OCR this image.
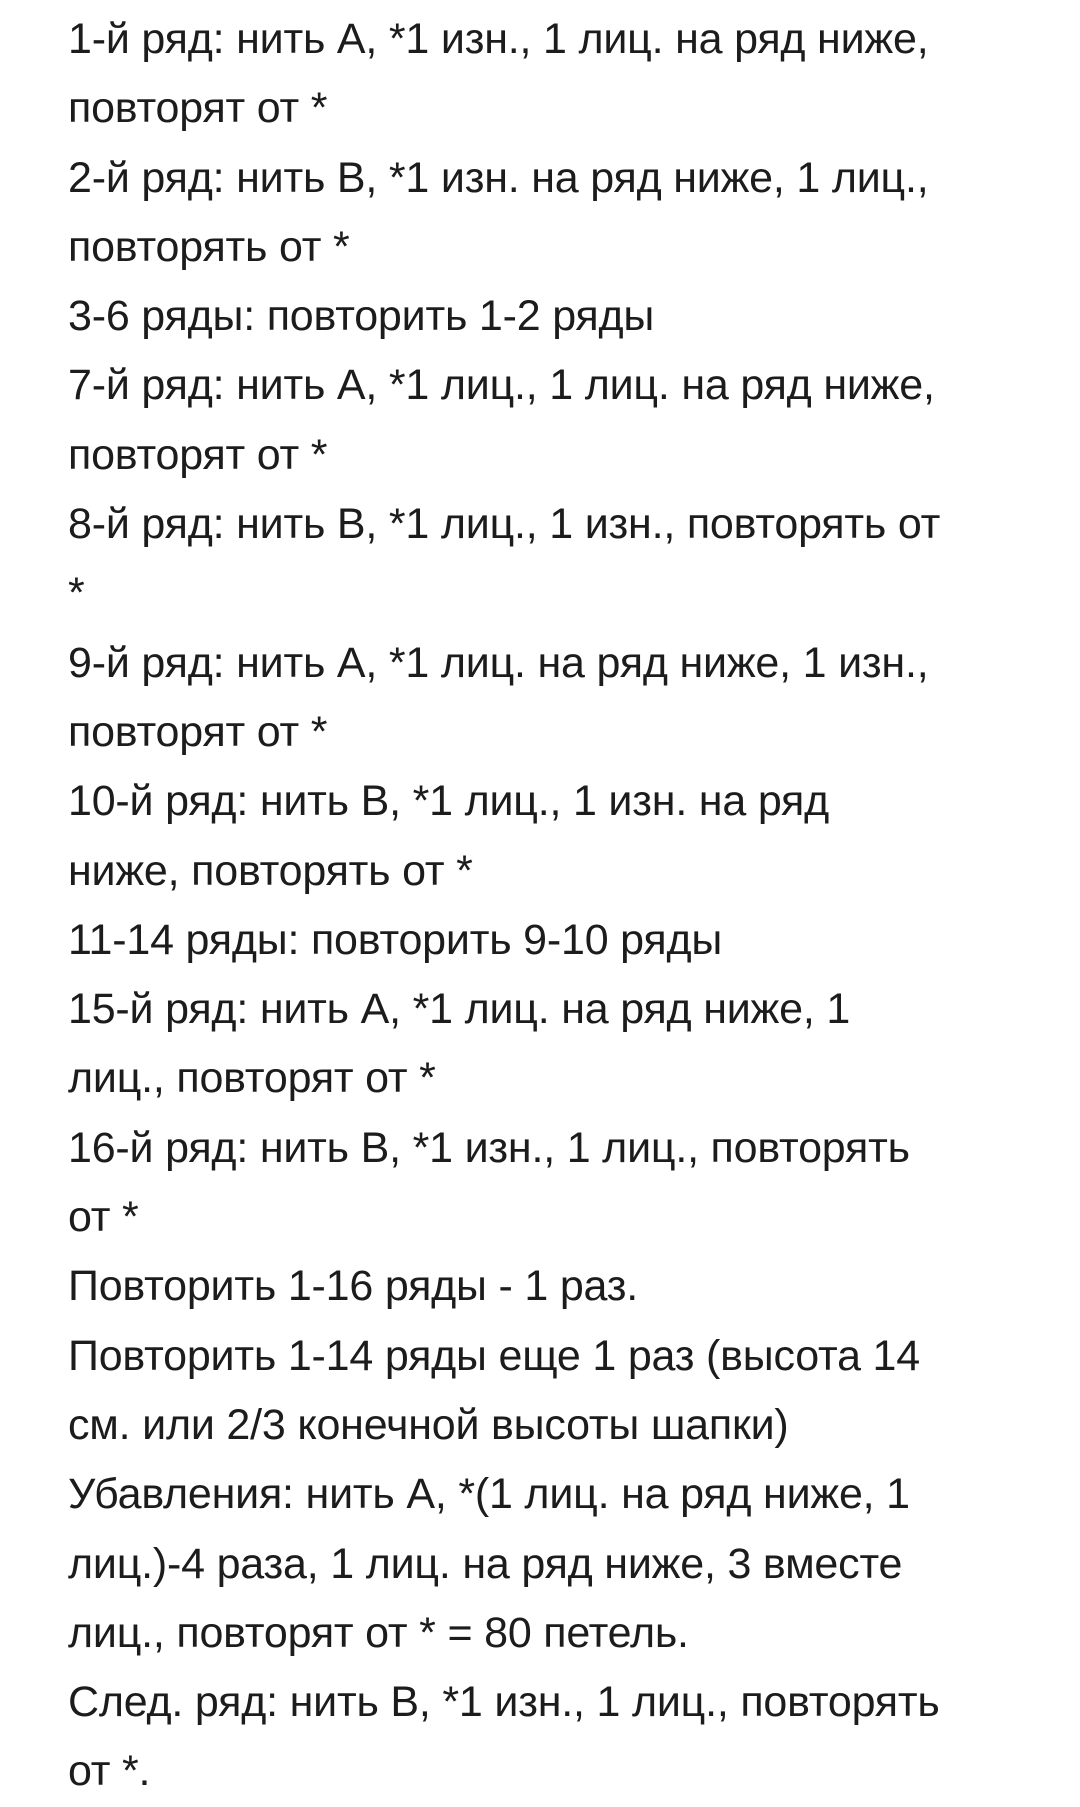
1-й ряд: нить А, *1 изн., 1 лиц. на ряд ниже,
повторят от *

2-й ряд: нить В, *1 изн. на ряд ниже, 1 лиц.,
повторять от *

3-6 ряды: повторить 1-2 ряды

7-й ряд: нить А, *1 лиц., 1 лиц. на ряд ниже,
повторят от *

8-й ряд: нить В, *1 лиц., 1 изн., повторять от
*

9-й ряд: нить А, *1 лиц. на ряд ниже, 1 изн.,
повторят от *

10-й ряд: нить В, *1 лиц., 1 изн. на ряд
ниже, повторять от *

11-14 ряды: повторить 9-10 ряды

15-й ряд: нить А, *1 лиц. на ряд ниже, 1
лиц., повторят от *

16-й ряд: нить В, *1 изн., 1 лиц., повторять
от *

Повторить 1-16 ряды - 1 раз.

Повторить 1-14 ряды еще 1 раз (высота 14
см. или 2/3 конечной высоты шапки)

Убавления: нить А, *(1 лиц. на ряд ниже, 1
лиц.)-4 раза, 1 лиц. на ряд ниже, 3 вместе
лиц., повторят от * = 80 петель.

След. ряд: нить В, *1 изн., 1 лиц., повторять
от *.
